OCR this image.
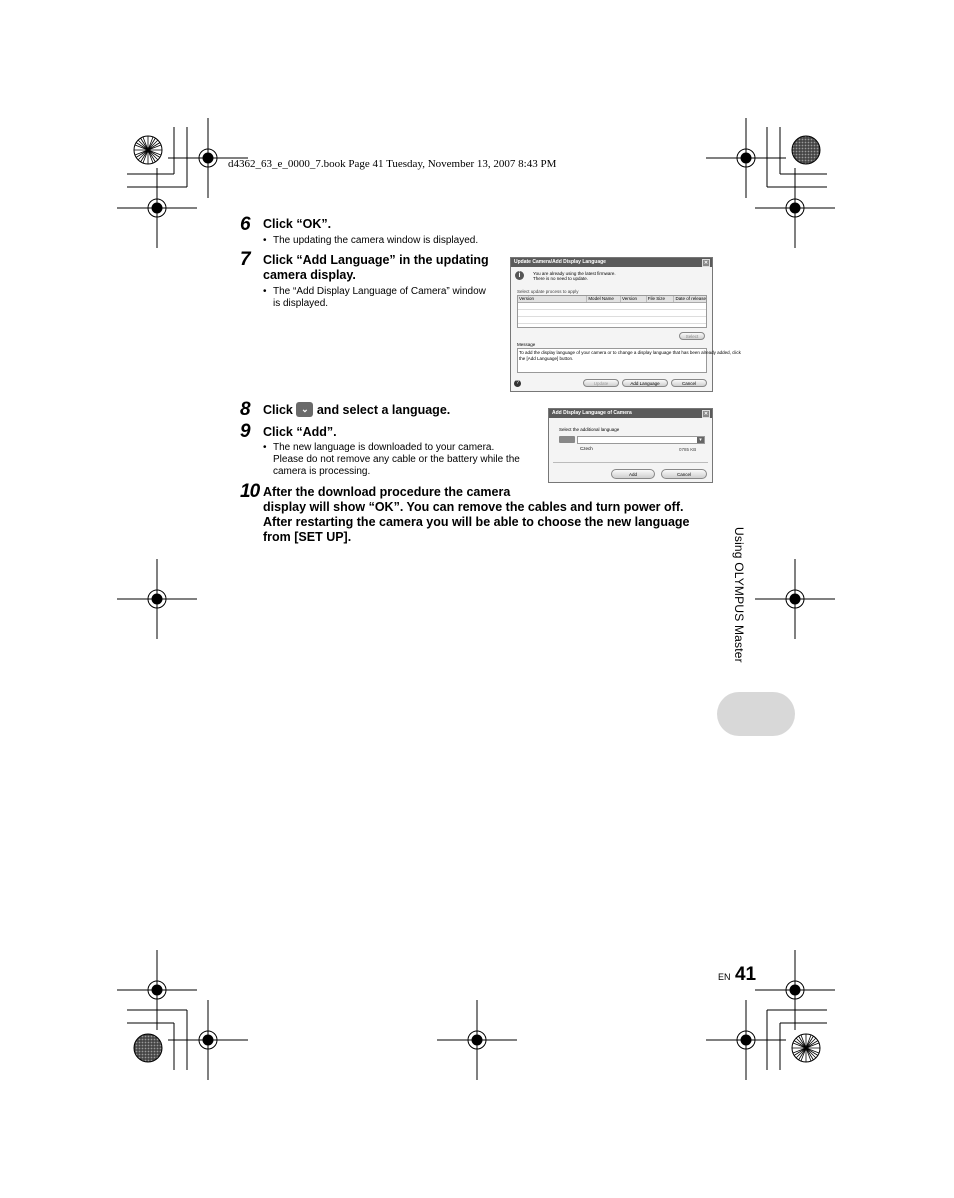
d4362_63_e_0000_7.book Page 41 Tuesday, November 13, 2007 8:43 PM
6 Click “OK”.
• The updating the camera window is displayed.
7 Click “Add Language” in the updating
camera display.
• The “Add Display Language of Camera” window
is displayed.
Update Camera/Add Display Language	✕
i	You are already using the latest firmware.
There is no need to update.
Select update process to apply
Version	Model Name	Version	File Size	Date of release
Select
Message
To add the display language of your camera or to change a display language that has been already added, click
the [Add Language] button.
?	Update	Add Language	Cancel
8 Click ⌄ and select a language.
9 Click “Add”.
• The new language is downloaded to your camera.
Please do not remove any cable or the battery while the
camera is processing.
Add Display Language of Camera	✕
Select the additional language
Czech
▾
0785 KB
Add	Cancel
10 After the download procedure the camera
display will show “OK”. You can remove the cables and turn power off.
After restarting the camera you will be able to choose the new language
from [SET UP].	Using OLYMPUS Master
EN 41
